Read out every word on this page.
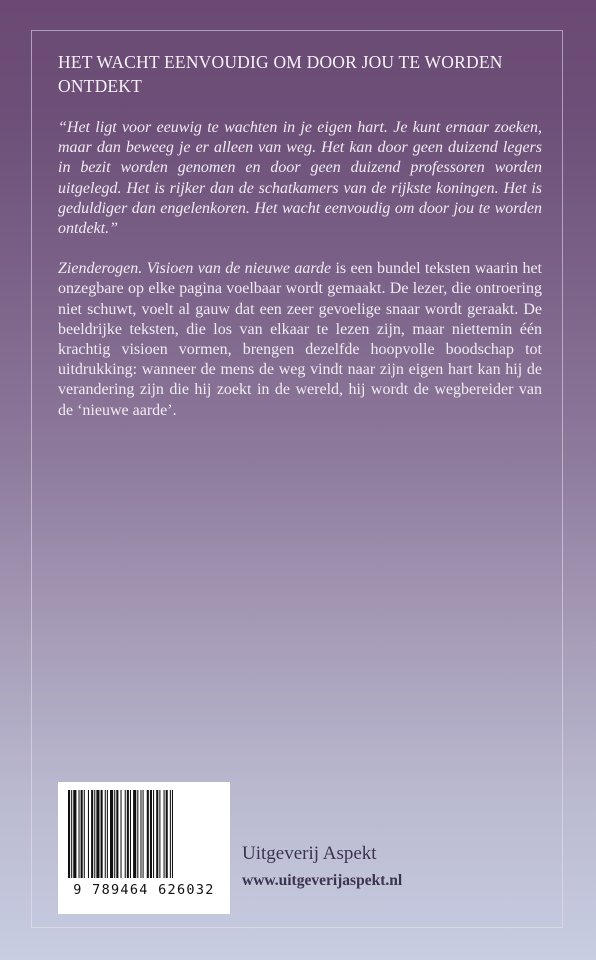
HET WACHT EENVOUDIG OM DOOR JOU TE WORDEN ONTDEKT

“Het ligt voor eeuwig te wachten in je eigen hart. Je kunt ernaar zoeken, maar dan beweeg je er alleen van weg. Het kan door geen duizend legers in bezit worden genomen en door geen duizend professoren worden uitgelegd. Het is rijker dan de schatkamers van de rijkste koningen. Het is geduldiger dan engelenkoren. Het wacht eenvoudig om door jou te worden ontdekt.”

Zienderogen. Visioen van de nieuwe aarde is een bundel teksten waarin het onzegbare op elke pagina voelbaar wordt gemaakt. De lezer, die ontroering niet schuwt, voelt al gauw dat een zeer gevoelige snaar wordt geraakt. De beeldrijke teksten, die los van elkaar te lezen zijn, maar niettemin één krachtig visioen vormen, brengen dezelfde hoopvolle boodschap tot uitdrukking: wanneer de mens de weg vindt naar zijn eigen hart kan hij de verandering zijn die hij zoekt in de wereld, hij wordt de wegbereider van de ‘nieuwe aarde’.

9 789464 626032
Uitgeverij Aspekt
www.uitgeverijaspekt.nl
